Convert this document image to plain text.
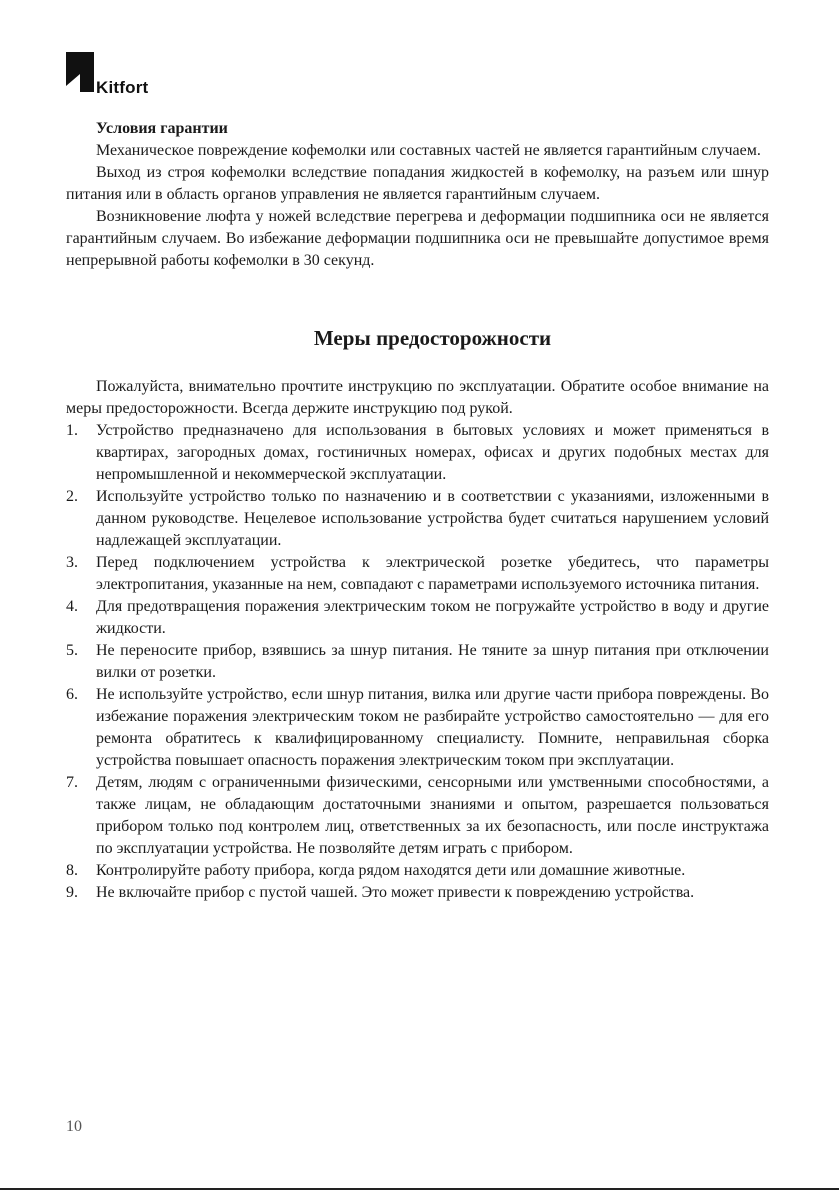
Kitfort

Условия гарантии

Механическое повреждение кофемолки или составных частей не является гарантийным случаем.

Выход из строя кофемолки вследствие попадания жидкостей в кофемолку, на разъем или шнур питания или в область органов управления не является гарантийным случаем.

Возникновение люфта у ножей вследствие перегрева и деформации подшипника оси не является гарантийным случаем. Во избежание деформации подшипника оси не превышайте допустимое время непрерывной работы кофемолки в 30 секунд.

Меры предосторожности

Пожалуйста, внимательно прочтите инструкцию по эксплуатации. Обратите особое внимание на меры предосторожности. Всегда держите инструкцию под рукой.

1.	Устройство предназначено для использования в бытовых условиях и может применяться в квартирах, загородных домах, гостиничных номерах, офисах и других подобных местах для непромышленной и некоммерческой эксплуатации.
2.	Используйте устройство только по назначению и в соответствии с указаниями, изложенными в данном руководстве. Нецелевое использование устройства будет считаться нарушением условий надлежащей эксплуатации.
3.	Перед подключением устройства к электрической розетке убедитесь, что параметры электропитания, указанные на нем, совпадают с параметрами используемого источника питания.
4.	Для предотвращения поражения электрическим током не погружайте устройство в воду и другие жидкости.
5.	Не переносите прибор, взявшись за шнур питания. Не тяните за шнур питания при отключении вилки от розетки.
6.	Не используйте устройство, если шнур питания, вилка или другие части прибора повреждены. Во избежание поражения электрическим током не разбирайте устройство самостоятельно — для его ремонта обратитесь к квалифицированному специалисту. Помните, неправильная сборка устройства повышает опасность поражения электрическим током при эксплуатации.
7.	Детям, людям с ограниченными физическими, сенсорными или умственными способностями, а также лицам, не обладающим достаточными знаниями и опытом, разрешается пользоваться прибором только под контролем лиц, ответственных за их безопасность, или после инструктажа по эксплуатации устройства. Не позволяйте детям играть с прибором.
8.	Контролируйте работу прибора, когда рядом находятся дети или домашние животные.
9.	Не включайте прибор с пустой чашей. Это может привести к повреждению устройства.
10
